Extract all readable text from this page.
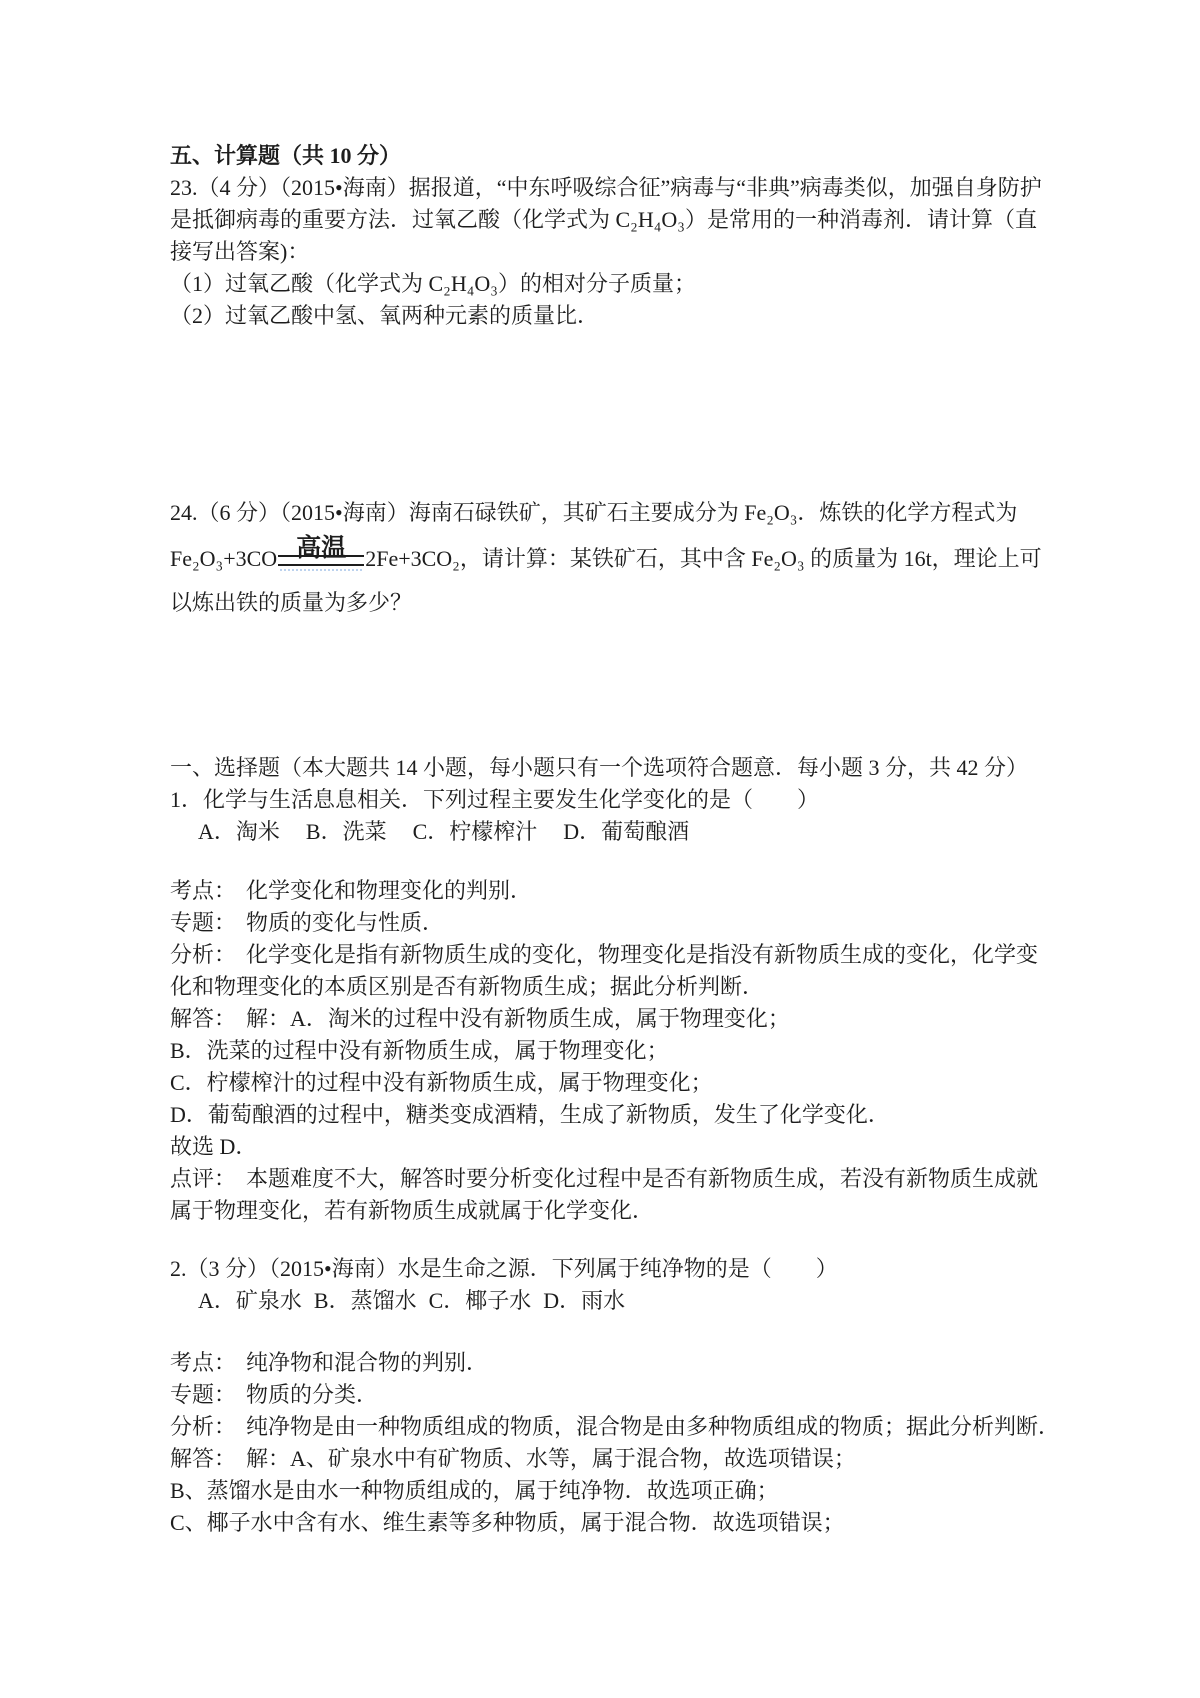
五、计算题（共 10 分）
23.（4 分）（2015•海南）据报道，“中东呼吸综合征”病毒与“非典”病毒类似，加强自身防护
是抵御病毒的重要方法．过氧乙酸（化学式为 C₂H₄O₃）是常用的一种消毒剂．请计算（直
接写出答案)：
（1）过氧乙酸（化学式为 C₂H₄O₃）的相对分子质量；
（2）过氧乙酸中氢、氧两种元素的质量比．
24.（6 分）（2015•海南）海南石碌铁矿，其矿石主要成分为 Fe₂O₃．炼铁的化学方程式为
Fe₂O₃+3CO 高温 2Fe+3CO₂，请计算：某铁矿石，其中含 Fe₂O₃ 的质量为 16t，理论上可
以炼出铁的质量为多少？
一、选择题（本大题共 14 小题，每小题只有一个选项符合题意．每小题 3 分，共 42 分）
1．化学与生活息息相关．下列过程主要发生化学变化的是（　　）
A．淘米 B．洗菜 C．柠檬榨汁 D．葡萄酿酒
考点： 化学变化和物理变化的判别．
专题： 物质的变化与性质．
分析： 化学变化是指有新物质生成的变化，物理变化是指没有新物质生成的变化，化学变
化和物理变化的本质区别是否有新物质生成；据此分析判断．
解答： 解：A．淘米的过程中没有新物质生成，属于物理变化；
B．洗菜的过程中没有新物质生成，属于物理变化；
C．柠檬榨汁的过程中没有新物质生成，属于物理变化；
D．葡萄酿酒的过程中，糖类变成酒精，生成了新物质，发生了化学变化．
故选 D．
点评： 本题难度不大，解答时要分析变化过程中是否有新物质生成，若没有新物质生成就
属于物理变化，若有新物质生成就属于化学变化．
2.（3 分）（2015•海南）水是生命之源．下列属于纯净物的是（　　）
A．矿泉水 B．蒸馏水 C．椰子水 D．雨水
考点： 纯净物和混合物的判别．
专题： 物质的分类．
分析： 纯净物是由一种物质组成的物质，混合物是由多种物质组成的物质；据此分析判断．
解答： 解：A、矿泉水中有矿物质、水等，属于混合物，故选项错误；
B、蒸馏水是由水一种物质组成的，属于纯净物．故选项正确；
C、椰子水中含有水、维生素等多种物质，属于混合物．故选项错误；
